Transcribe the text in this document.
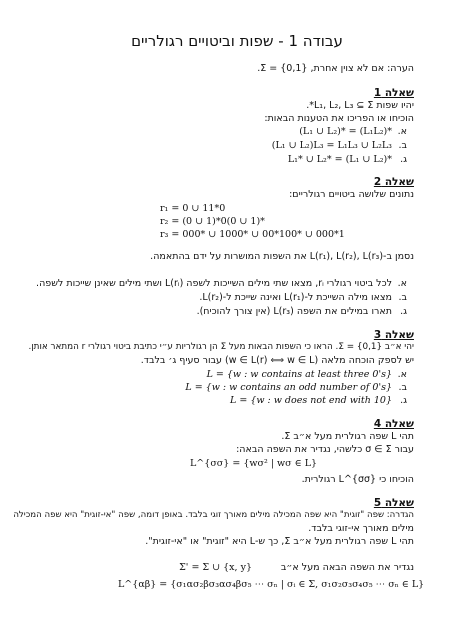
עבודה 1 - שפות וביטויים רגולריים
הערה: אם לא צוין אחרת, Σ = {0,1}.
שאלה 1
יהיו שפות L₁, L₂, L₃ ⊆ Σ*.
הוכיחו או הפריכו את הטענות הבאות:
א.
(L₁ ∪ L₂)* = (L₁L₂)*
ב.
(L₁ ∪ L₂)L₃ = L₁L₃ ∪ L₂L₃
ג.
L₁* ∪ L₂* = (L₁ ∪ L₂)*
שאלה 2
נתונים שלושה ביטויים רגולריים:
r₁ = 0 ∪ 11*0
r₂ = (0 ∪ 1)*0(0 ∪ 1)*
r₃ = 000* ∪ 1000* ∪ 00*100* ∪ 000*1
נסמן ב-L(r₁), L(r₂), L(r₃) את השפות המושרות על ידם בהתאמה.
א.
לכל ביטוי רגולרי rᵢ, מצאו שתי מילים השייכות לשפה L(rᵢ) ושתי מילים שאינן שייכות לשפה.
ב.
מצאו מילה השייכת ל-L(r₁) ואינה שייכת ל-L(r₂).
ג.
תארו במילים את השפה L(r₃) (אין צורך להוכיח).
שאלה 3
יהי א״ב Σ = {0,1}. הראו כי השפות הבאות מעל Σ הן רגולריות ע״י כתיבת ביטוי רגולרי r המתאר אותן.
יש לספק הוכחה מלאה (w ∈ L(r) ⟺ w ∈ L) עבור סעיף ג׳ בלבד.
א.
L = {w : w contains at least three 0's}
ב.
L = {w : w contains an odd number of 0's}
ג.
L = {w : w does not end with 10}
שאלה 4
תהי L שפה רגולרית מעל א״ב Σ.
עבור σ ∈ Σ כלשהי, נגדיר את השפה הבאה:
L^{σσ} = {wσ² | wσ ∈ L}
הוכיחו כי L^{σσ} רגולרית.
שאלה 5
הגדרה: שפה "זוגית" היא שפה המכילה מילים מאורך זוגי בלבד. באופן דומה, שפה "אי-זוגית" היא שפה המכילה
מילים מאורך אי-זוגי בלבד.
תהי L שפה רגולרית מעל א״ב Σ, כך ש-L היא "זוגית" או "אי-זוגית".
Σ' = Σ ∪ {x, y}	נגדיר את השפה הבאה מעל א״ב
L^{αβ} = {σ₁ασ₂βσ₃ασ₄βσ₅ ⋯ σₙ | σᵢ ∈ Σ, σ₁σ₂σ₃σ₄σ₅ ⋯ σₙ ∈ L}
